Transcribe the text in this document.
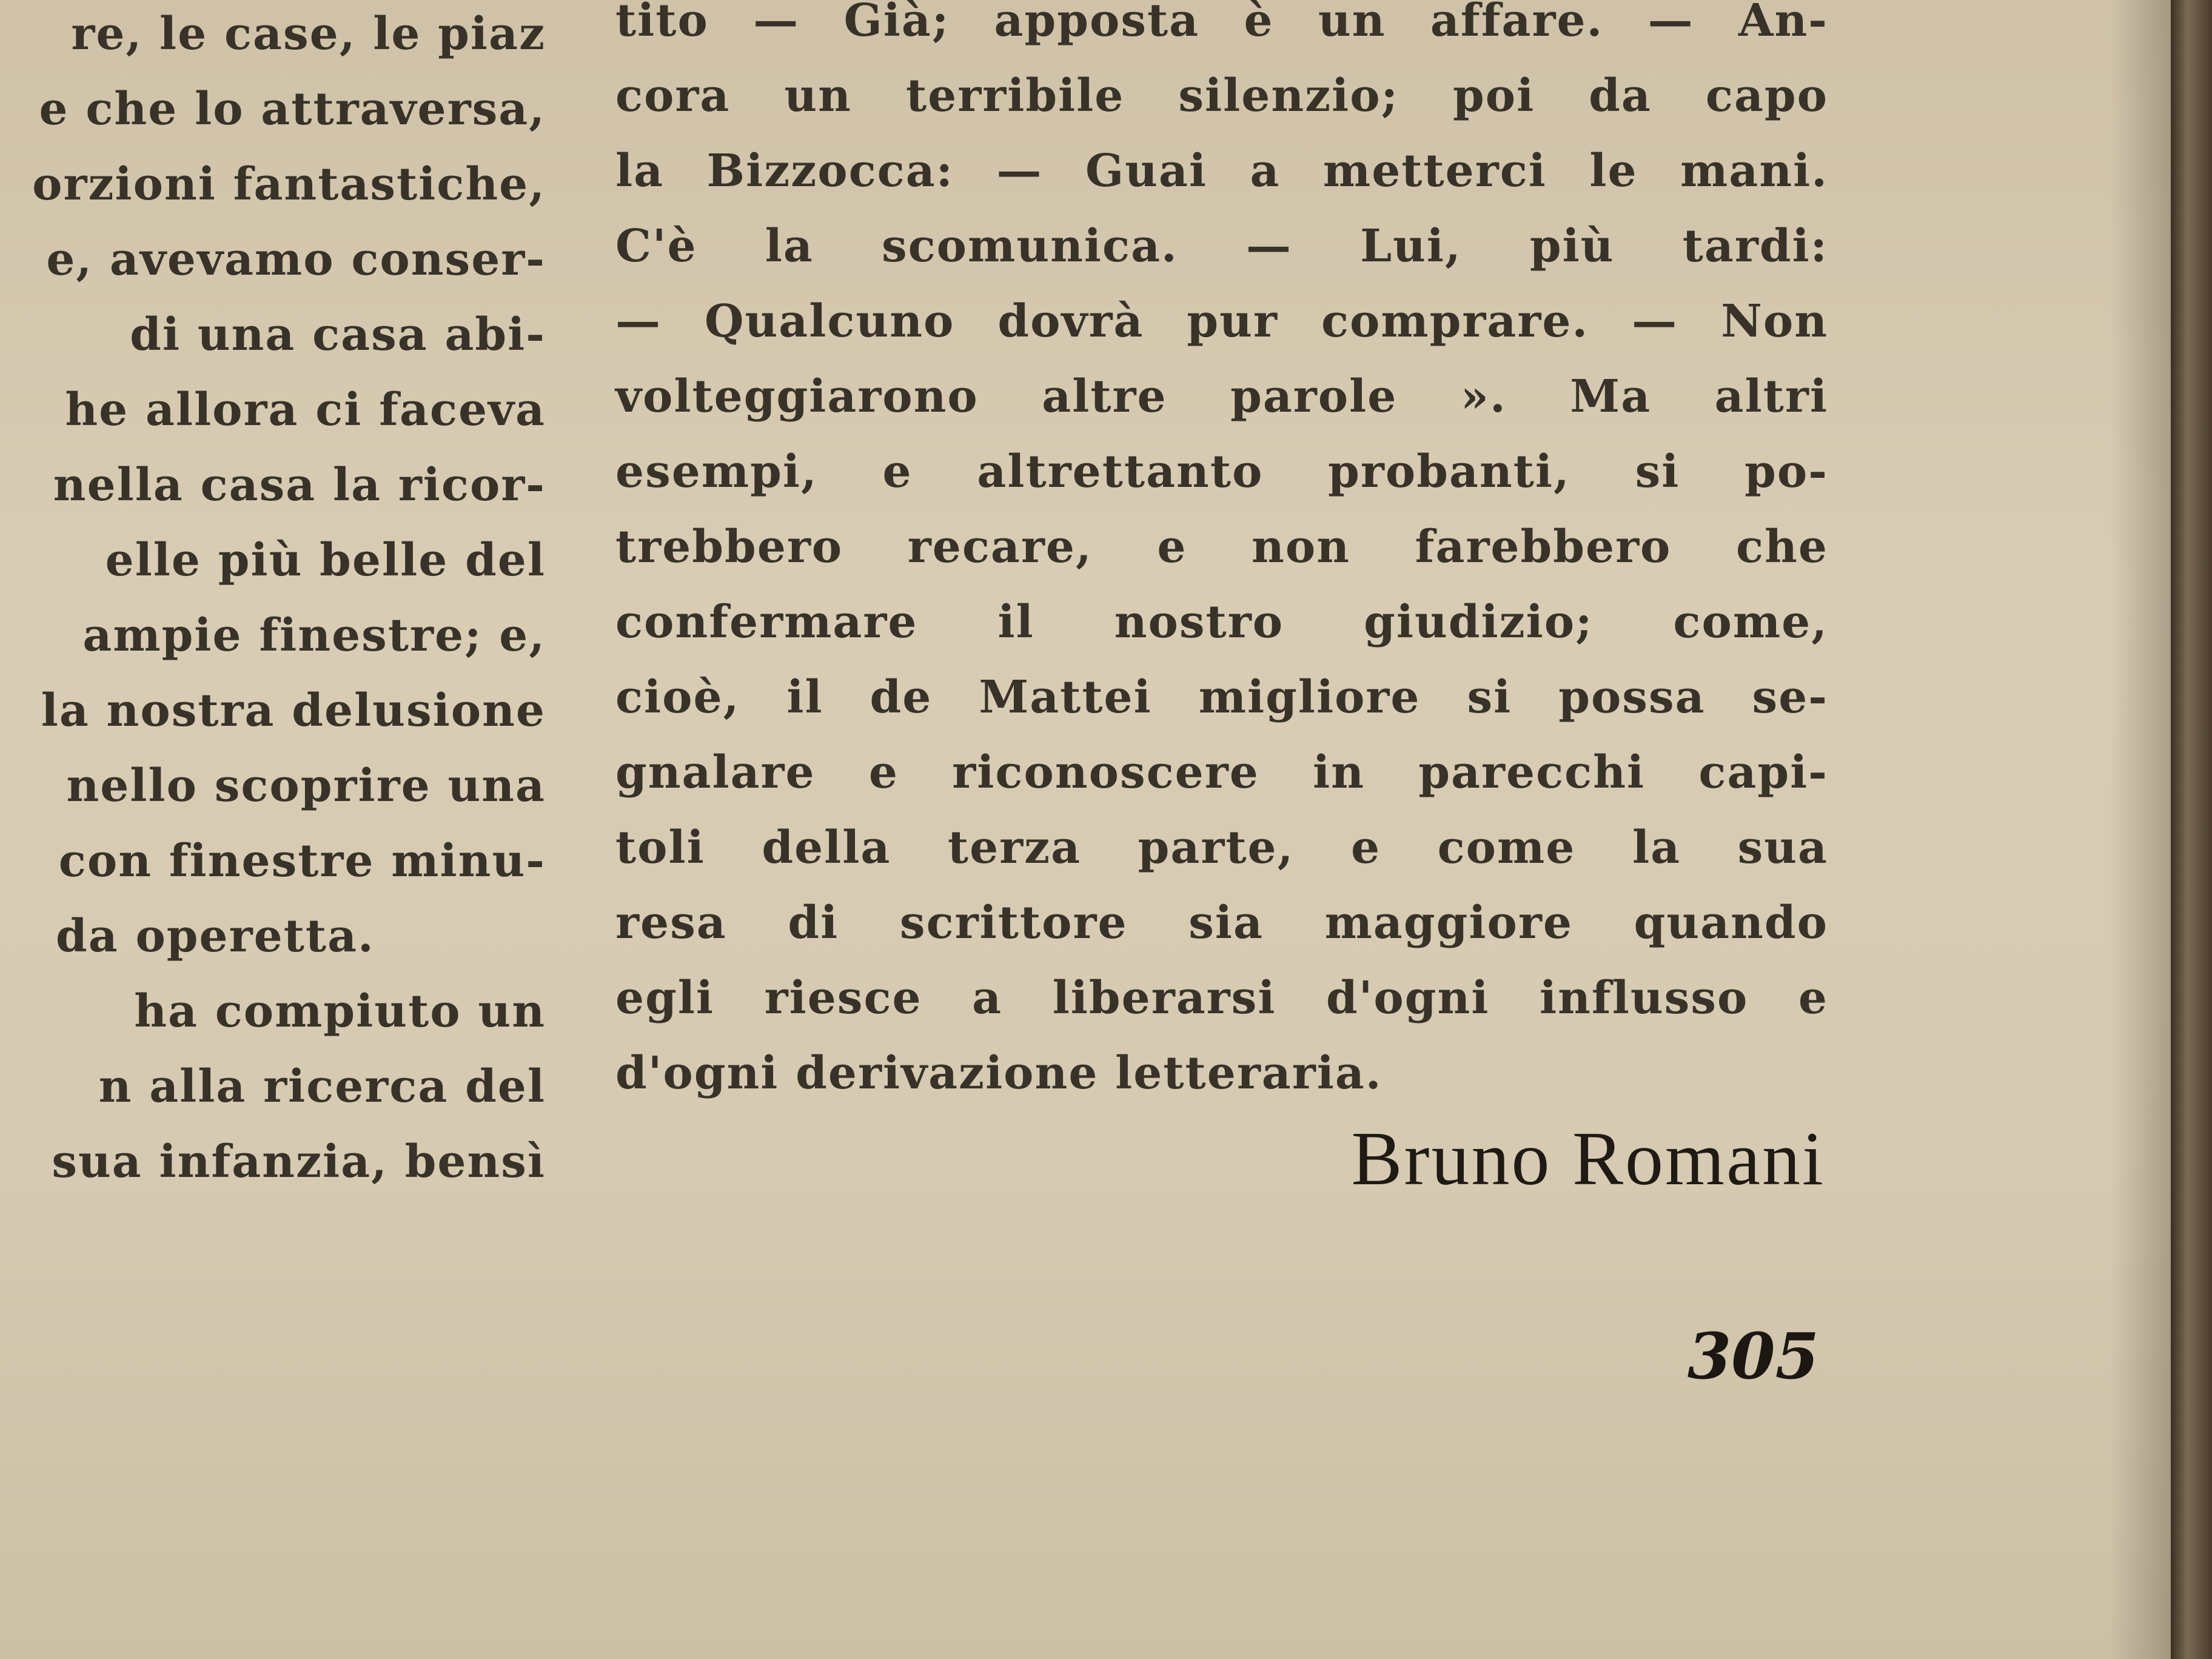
re, le case, le piaz
e che lo attraversa,
orzioni fantastiche,
e, avevamo conser-
di una casa abi-
he allora ci faceva
nella casa la ricor-
elle più belle del
ampie finestre; e,
la nostra delusione
nello scoprire una
con finestre minu-
da operetta.
ha compiuto un
n alla ricerca del
sua infanzia, bensì
tito — Già; apposta è un affare. — An-
cora un terribile silenzio; poi da capo
la Bizzocca: — Guai a metterci le mani.
C'è la scomunica. — Lui, più tardi:
— Qualcuno dovrà pur comprare. — Non
volteggiarono altre parole ». Ma altri
esempi, e altrettanto probanti, si po-
trebbero recare, e non farebbero che
confermare il nostro giudizio; come,
cioè, il de Mattei migliore si possa se-
gnalare e riconoscere in parecchi capi-
toli della terza parte, e come la sua
resa di scrittore sia maggiore quando
egli riesce a liberarsi d'ogni influsso e
d'ogni derivazione letteraria.
Bruno Romani
305
